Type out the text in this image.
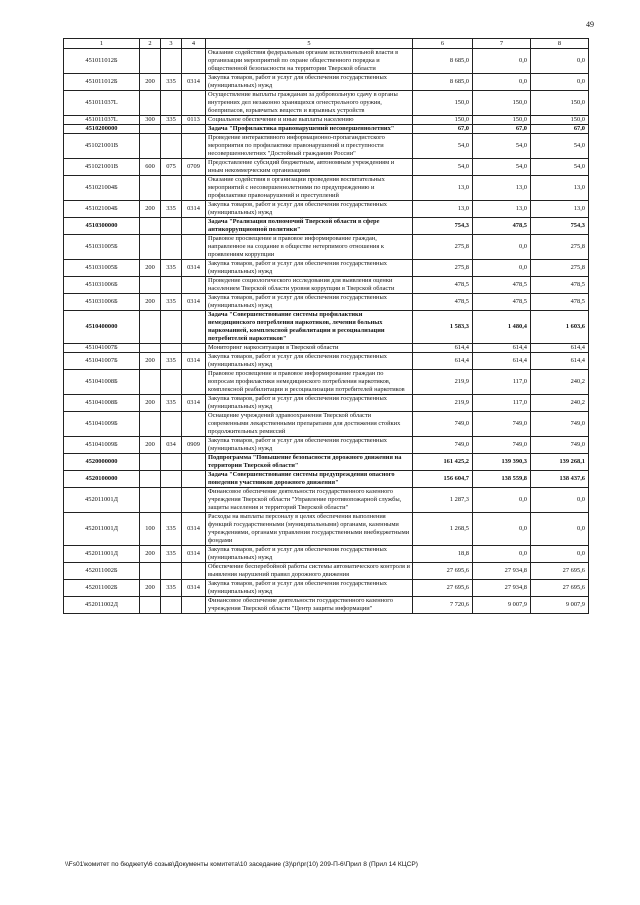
49
1	2	3	4	5	6	7	8
451011012Б				Оказание содействия федеральным органам исполнительной власти в организации мероприятий по охране общественного порядка и общественной безопасности на территории Тверской области	8 685,0	0,0	0,0
451011012Б	200	335	0314	Закупка товаров, работ и услуг для обеспечения государственных (муниципальных) нужд	8 685,0	0,0	0,0
451011037L				Осуществление выплаты гражданам за добровольную сдачу в органы внутренних дел незаконно хранящихся огнестрельного оружия, боеприпасов, взрывчатых веществ и взрывных устройств	150,0	150,0	150,0
451011037L	300	335	0113	Социальное обеспечение и иные выплаты населению	150,0	150,0	150,0
4510200000				Задача "Профилактика правонарушений несовершеннолетних"	67,0	67,0	67,0
451021001В				Проведение интерактивного информационно-пропагандистского мероприятия по профилактике правонарушений и преступности несовершеннолетних "Достойный гражданин России"	54,0	54,0	54,0
451021001В	600	075	0709	Предоставление субсидий бюджетным, автономным учреждениям и иным некоммерческим организациям	54,0	54,0	54,0
451021004Б				Оказание содействия в организации проведения воспитательных мероприятий с несовершеннолетними по предупреждению и профилактике правонарушений и преступлений	13,0	13,0	13,0
451021004Б	200	335	0314	Закупка товаров, работ и услуг для обеспечения государственных (муниципальных) нужд	13,0	13,0	13,0
4510300000				Задача "Реализация полномочий Тверской области в сфере антикоррупционной политики"	754,3	478,5	754,3
451031005Б				Правовое просвещение и правовое информирование граждан, направленное на создание в обществе нетерпимого отношения к проявлениям коррупции	275,8	0,0	275,8
451031005Б	200	335	0314	Закупка товаров, работ и услуг для обеспечения государственных (муниципальных) нужд	275,8	0,0	275,8
451031006Б				Проведение социологического исследования для выявления оценки населением Тверской области уровня коррупции в Тверской области	478,5	478,5	478,5
451031006Б	200	335	0314	Закупка товаров, работ и услуг для обеспечения государственных (муниципальных) нужд	478,5	478,5	478,5
4510400000				Задача "Совершенствование системы профилактики немедицинского потребления наркотиков, лечения больных наркоманией, комплексной реабилитации и ресоциализации потребителей наркотиков"	1 583,3	1 480,4	1 603,6
451041007Б				Мониторинг наркоситуации в Тверской области	614,4	614,4	614,4
451041007Б	200	335	0314	Закупка товаров, работ и услуг для обеспечения государственных (муниципальных) нужд	614,4	614,4	614,4
451041008Б				Правовое просвещение и правовое информирование граждан по вопросам профилактики немедицинского потребления наркотиков, комплексной реабилитации и ресоциализации потребителей наркотиков	219,9	117,0	240,2
451041008Б	200	335	0314	Закупка товаров, работ и услуг для обеспечения государственных (муниципальных) нужд	219,9	117,0	240,2
451041009Б				Оснащение учреждений здравоохранения Тверской области современными лекарственными препаратами для достижения стойких продолжительных ремиссий	749,0	749,0	749,0
451041009Б	200	034	0909	Закупка товаров, работ и услуг для обеспечения государственных (муниципальных) нужд	749,0	749,0	749,0
4520000000				Подпрограмма "Повышение безопасности дорожного движения на территории Тверской области"	161 425,2	139 390,3	139 268,1
4520100000				Задача "Совершенствование системы предупреждения опасного поведения участников дорожного движения"	156 604,7	138 559,8	138 437,6
452011001Д				Финансовое обеспечение деятельности государственного казенного учреждения Тверской области "Управление противопожарной службы, защиты населения и территорий Тверской области"	1 287,3	0,0	0,0
452011001Д	100	335	0314	Расходы на выплаты персоналу в целях обеспечения выполнения функций государственными (муниципальными) органами, казенными учреждениями, органами управления государственными внебюджетными фондами	1 268,5	0,0	0,0
452011001Д	200	335	0314	Закупка товаров, работ и услуг для обеспечения государственных (муниципальных) нужд	18,8	0,0	0,0
452011002Б				Обеспечение бесперебойной работы системы автоматического контроля и выявления нарушений правил дорожного движения	27 695,6	27 934,8	27 695,6
452011002Б	200	335	0314	Закупка товаров, работ и услуг для обеспечения государственных (муниципальных) нужд	27 695,6	27 934,8	27 695,6
452011002Д				Финансовое обеспечение деятельности государственного казенного учреждения Тверской области "Центр защиты информации"	7 720,6	9 007,9	9 007,9
\\Fs01\комитет по бюджету\6 созыв\Документы комитета\10 заседание (3)\pr\pr(10) 209-П-6\Прил 8 (Прил 14 КЦСР)
